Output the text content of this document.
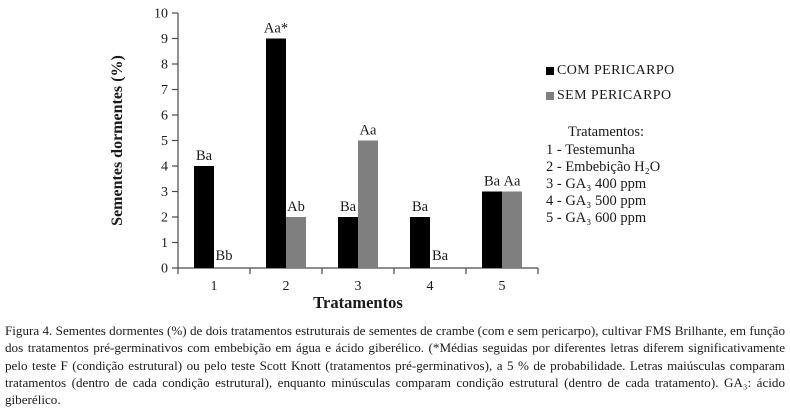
0
1
2
3
4
5
6
7
8
9
10
1	2	3	4	5
Ba
Aa*
Ba	Ba
Ba
Bb
Ab
Aa
Ba
Aa
Tratamentos
Sementes dormentes (%)	COM PERICARPO
SEM PERICARPO
Tratamentos:
1 - Testemunha
2 - Embebição H₂O
3 - GA₃ 400 ppm
4 - GA₃ 500 ppm
5 - GA₃ 600 ppm

Figura 4. Sementes dormentes (%) de dois tratamentos estruturais de sementes de crambe (com e sem pericarpo), cultivar FMS Brilhante, em função dos tratamentos pré-germinativos com embebição em água e ácido giberélico. (*Médias seguidas por diferentes letras diferem significativamente pelo teste F (condição estrutural) ou pelo teste Scott Knott (tratamentos pré-germinativos), a 5 % de probabilidade. Letras maiúsculas comparam tratamentos (dentro de cada condição estrutural), enquanto minúsculas comparam condição estrutural (dentro de cada tratamento). GA₃: ácido giberélico.
